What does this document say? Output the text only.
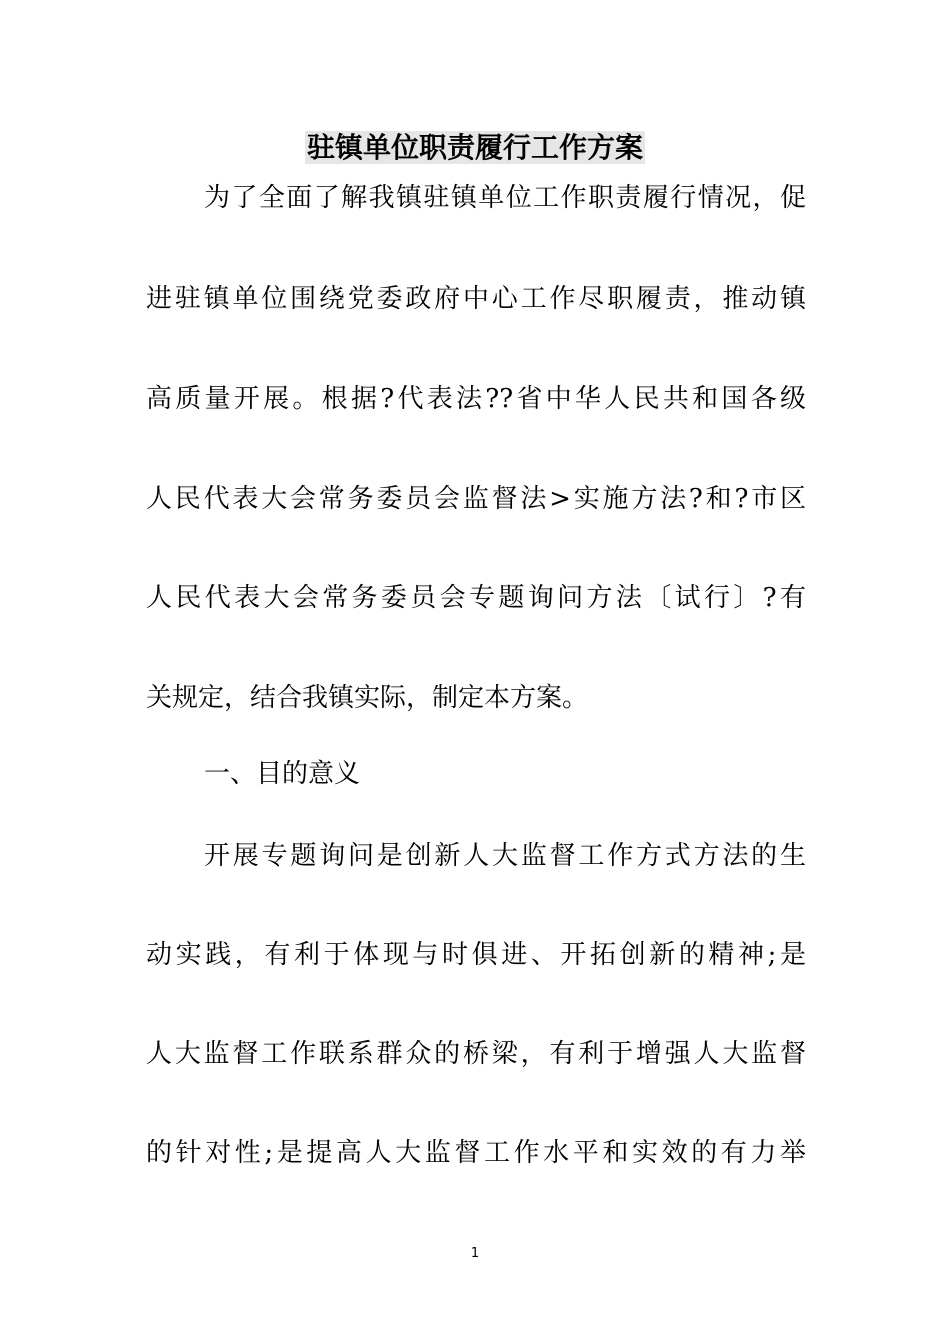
驻镇单位职责履行工作方案
为了全面了解我镇驻镇单位工作职责履行情况，促
进驻镇单位围绕党委政府中心工作尽职履责，推动镇
高质量开展。根据?代表法??省中华人民共和国各级
人民代表大会常务委员会监督法>实施方法?和?市区
人民代表大会常务委员会专题询问方法〔试行〕?有
关规定，结合我镇实际，制定本方案。
一、目的意义
开展专题询问是创新人大监督工作方式方法的生
动实践，有利于体现与时俱进、开拓创新的精神;是
人大监督工作联系群众的桥梁，有利于增强人大监督
的针对性;是提高人大监督工作水平和实效的有力举
1
